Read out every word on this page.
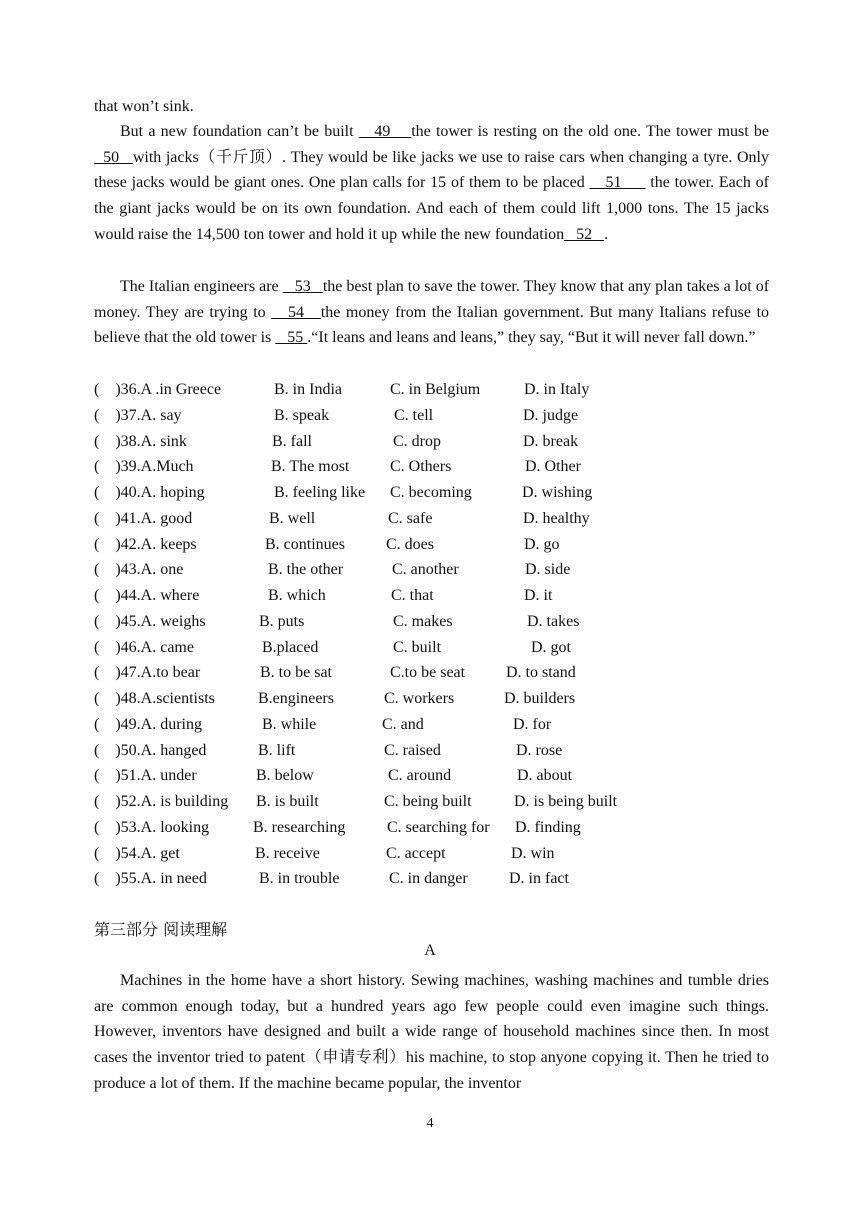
that won’t sink.
But a new foundation can’t be built    49    the tower is resting on the old one. The tower must be   50   with jacks（千斤顶）. They would be like jacks we use to raise cars when changing a tyre. Only these jacks would be giant ones. One plan calls for 15 of them to be placed __51___ the tower. Each of the giant jacks would be on its own foundation. And each of them could lift 1,000 tons. The 15 jacks would raise the 14,500 ton tower and hold it up while the new foundation   52   .
The Italian engineers are    53   the best plan to save the tower. They know that any plan takes a lot of money. They are trying to    54   the money from the Italian government. But many Italians refuse to believe that the old tower is    55 .“It leans and leans and leans,” they say, “But it will never fall down.”
(    )36.A .in Greece	B. in India	C. in Belgium	D. in Italy
(    )37.A. say	B. speak	C. tell	D. judge
(    )38.A. sink	B. fall	C. drop	D. break
(    )39.A.Much	B. The most	C. Others	D. Other
(    )40.A. hoping	B. feeling like C. becoming	D. wishing
(    )41.A. good	B. well	C. safe	D. healthy
(    )42.A. keeps	B. continues	C. does	D. go
(    )43.A. one	B. the other	C. another	D. side
(    )44.A. where	B. which	C. that	D. it
(    )45.A. weighs	B. puts	C. makes	D. takes
(    )46.A. came	B.placed	C. built	D. got
(    )47.A.to bear	B. to be sat	C.to be seat	D. to stand
(    )48.A.scientists	B.engineers	C. workers	D. builders
(    )49.A. during	B. while	C. and	D. for
(    )50.A. hanged	B. lift	C. raised	D. rose
(    )51.A. under	B. below	C. around	D. about
(    )52.A. is building B. is built	C. being built	D. is being built
(    )53.A. looking	B. researching	C. searching for D. finding
(    )54.A. get	B. receive	C. accept	D. win
(    )55.A. in need	B. in trouble	C. in danger	D. in fact
第三部分 阅读理解
A
Machines in the home have a short history. Sewing machines, washing machines and tumble dries are common enough today, but a hundred years ago few people could even imagine such things. However, inventors have designed and built a wide range of household machines since then. In most cases the inventor tried to patent（申请专利）his machine, to stop anyone copying it. Then he tried to produce a lot of them. If the machine became popular, the inventor
4
